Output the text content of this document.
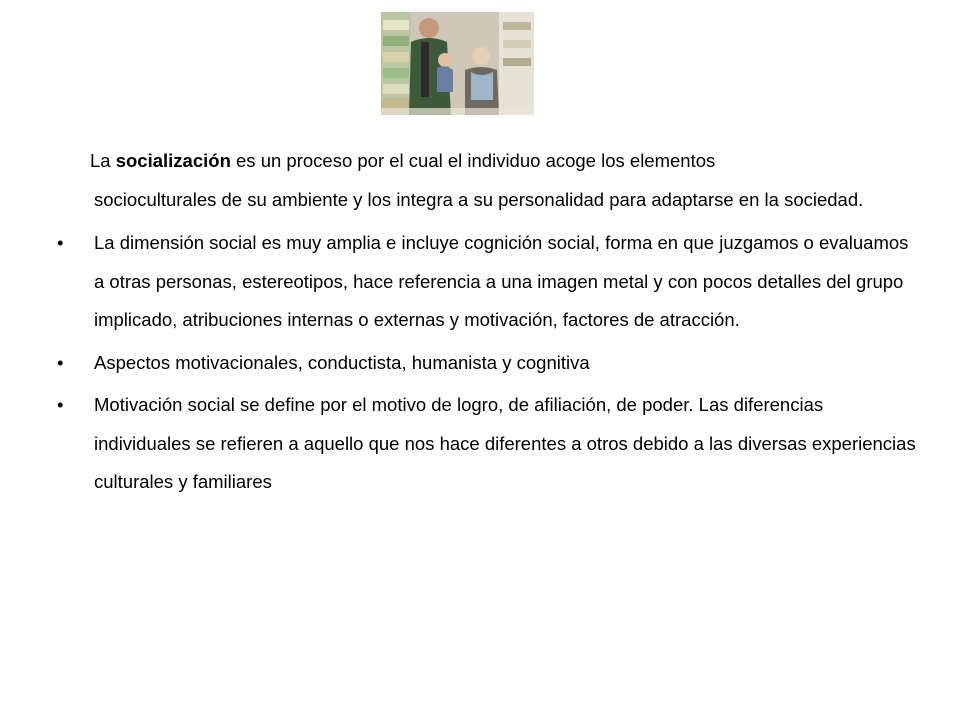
La socialización es un proceso por el cual el individuo acoge los elementos
socioculturales de su ambiente y los integra a su personalidad para adaptarse en la sociedad.

•	La dimensión social es muy amplia e incluye cognición social, forma en que juzgamos o evaluamos a otras personas, estereotipos, hace referencia a una imagen metal y con pocos detalles del grupo implicado, atribuciones internas o externas y motivación, factores de atracción.
•	Aspectos motivacionales, conductista, humanista y cognitiva
•	Motivación social se define por el motivo de logro, de afiliación, de poder. Las diferencias individuales se refieren a aquello que nos hace diferentes a otros debido a las diversas experiencias culturales y familiares
